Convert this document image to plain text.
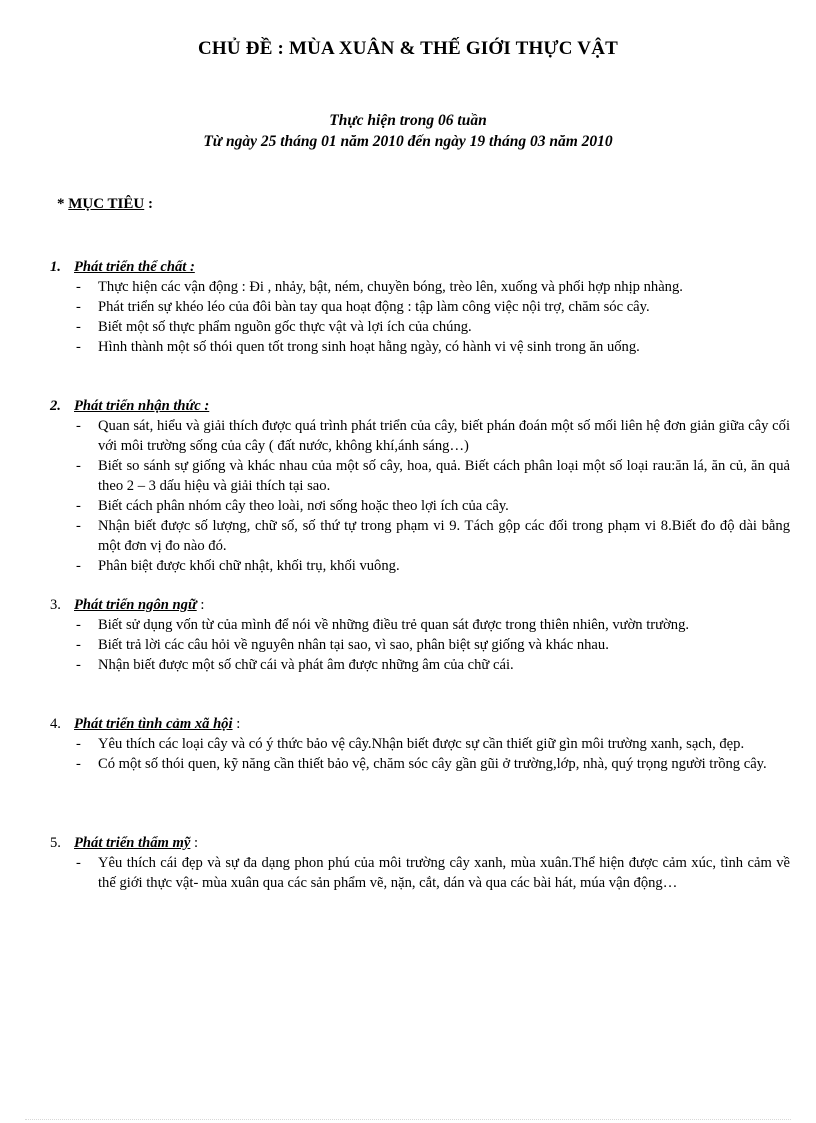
CHỦ ĐỀ : MÙA XUÂN & THẾ GIỚI THỰC VẬT
Thực hiện trong 06 tuần
Từ ngày 25 tháng 01 năm 2010 đến ngày 19 tháng 03 năm 2010
* MỤC TIÊU :
1. Phát triển thể chất :
- Thực hiện các vận động : Đi , nhảy, bật, ném, chuyền bóng, trèo lên, xuống và phối hợp nhịp nhàng.
- Phát triển sự khéo léo của đôi bàn tay qua hoạt động : tập làm công việc nội trợ, chăm sóc cây.
- Biết một số thực phẩm nguồn gốc thực vật và lợi ích của chúng.
- Hình thành một số thói quen tốt trong sinh hoạt hằng ngày, có hành vi vệ sinh trong ăn uống.
2. Phát triển nhận thức :
- Quan sát, hiểu và giải thích được quá trình phát triển của cây, biết phán đoán một số mối liên hệ đơn giản giữa cây cối với môi trường sống của cây ( đất nước, không khí,ánh sáng…)
- Biết so sánh sự giống và khác nhau của một số cây, hoa, quả. Biết cách phân loại một số loại rau:ăn lá, ăn củ, ăn quả theo 2 – 3 dấu hiệu và giải thích tại sao.
- Biết cách phân nhóm cây theo loài, nơi sống hoặc theo lợi ích của cây.
- Nhận biết được số lượng, chữ số, số thứ tự trong phạm vi 9. Tách gộp các đối trong phạm vi 8.Biết đo độ dài bằng một đơn vị đo nào đó.
- Phân biệt được khối chữ nhật, khối trụ, khối vuông.
3. Phát triển ngôn ngữ :
- Biết sử dụng vốn từ của mình để nói về những điều trẻ quan sát được trong thiên nhiên, vườn trường.
- Biết trả lời các câu hỏi về nguyên nhân tại sao, vì sao, phân biệt sự giống và khác nhau.
- Nhận biết được một số chữ cái và phát âm được những âm của chữ cái.
4. Phát triển tình cảm xã hội :
- Yêu thích các loại cây và có ý thức bảo vệ cây.Nhận biết được sự cần thiết giữ gìn môi trường xanh, sạch, đẹp.
- Có một số thói quen, kỹ năng cần thiết bảo vệ, chăm sóc cây gần gũi ở trường,lớp, nhà, quý trọng người trồng cây.
5. Phát triển thẩm mỹ :
- Yêu thích cái đẹp và sự đa dạng phon phú của môi trường cây xanh, mùa xuân.Thể hiện được cảm xúc, tình cảm về thế giới thực vật- mùa xuân qua các sản phẩm vẽ, nặn, cắt, dán và qua các bài hát, múa vận động…
